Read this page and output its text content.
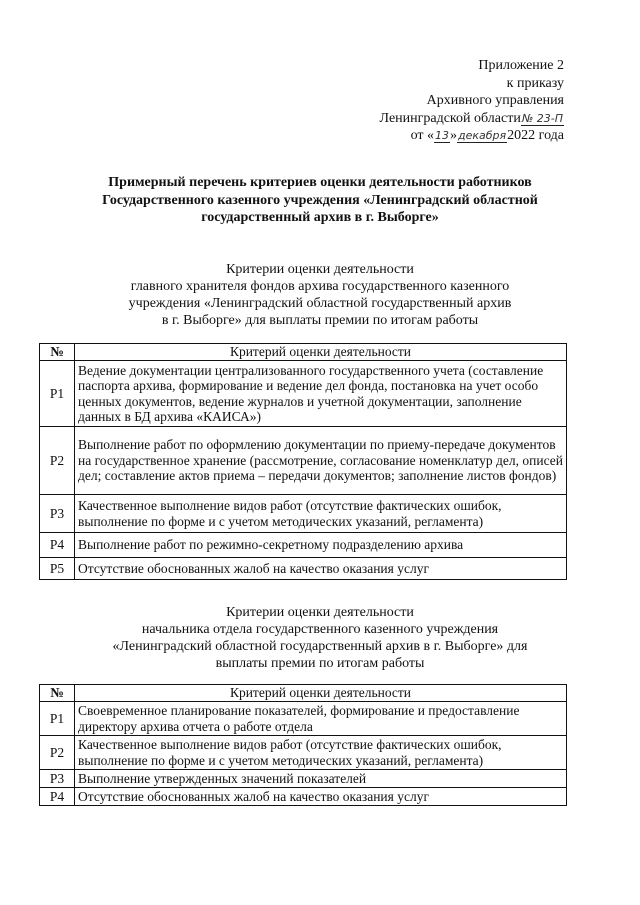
Приложение 2
к приказу
Архивного управления
Ленинградской области№ 23-П
от «13»декабря2022 года
Примерный перечень критериев оценки деятельности работников
Государственного казенного учреждения «Ленинградский областной
государственный архив в г. Выборге»
Критерии оценки деятельности
главного хранителя фондов архива государственного казенного
учреждения «Ленинградский областной государственный архив
в г. Выборге» для выплаты премии по итогам работы
№	Критерий оценки деятельности
Р1	Ведение документации централизованного государственного учета (составление паспорта архива, формирование и ведение дел фонда, постановка на учет особо ценных документов, ведение журналов и учетной документации, заполнение данных в БД архива «КАИСА»)
Р2	Выполнение работ по оформлению документации по приему-передаче документов на государственное хранение (рассмотрение, согласование номенклатур дел, описей дел; составление актов приема – передачи документов; заполнение листов фондов)
Р3	Качественное выполнение видов работ (отсутствие фактических ошибок, выполнение по форме и с учетом методических указаний, регламента)
Р4	Выполнение работ по режимно-секретному подразделению архива
Р5	Отсутствие обоснованных жалоб на качество оказания услуг
Критерии оценки деятельности
начальника отдела государственного казенного учреждения
«Ленинградский областной государственный архив в г. Выборге» для
выплаты премии по итогам работы
№	Критерий оценки деятельности
Р1	Своевременное планирование показателей, формирование и предоставление директору архива отчета о работе отдела
Р2	Качественное выполнение видов работ (отсутствие фактических ошибок, выполнение по форме и с учетом методических указаний, регламента)
Р3	Выполнение утвержденных значений показателей
Р4	Отсутствие обоснованных жалоб на качество оказания услуг
